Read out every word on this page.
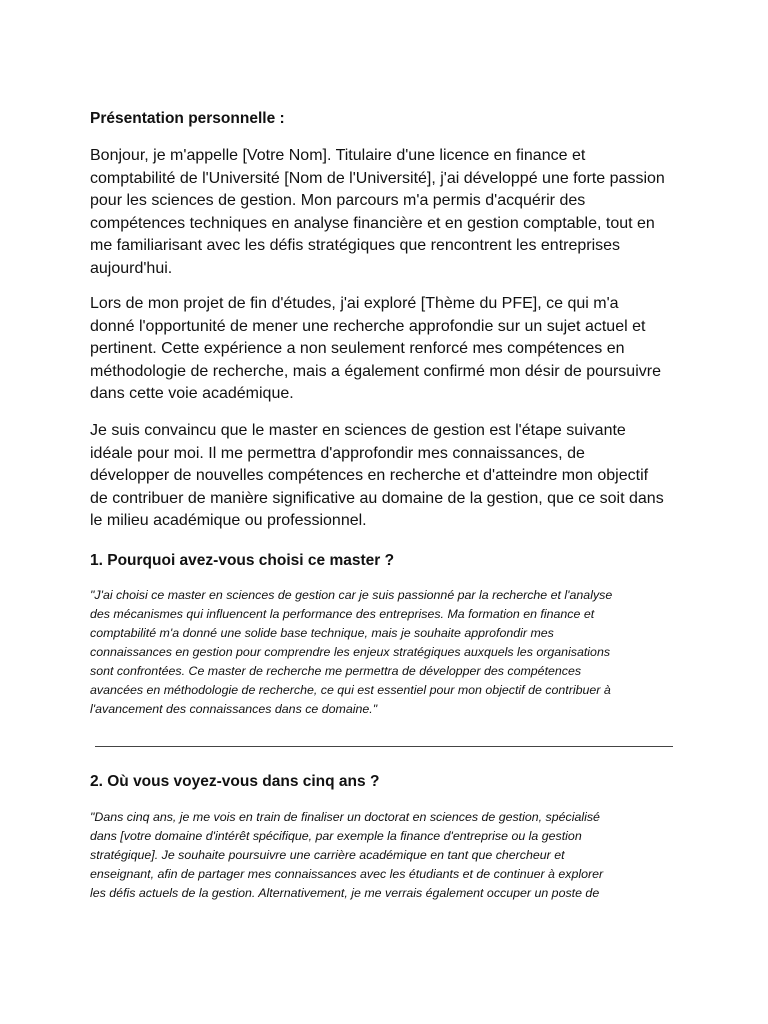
Présentation personnelle :

Bonjour, je m'appelle [Votre Nom]. Titulaire d'une licence en finance et
comptabilité de l'Université [Nom de l'Université], j'ai développé une forte passion
pour les sciences de gestion. Mon parcours m'a permis d'acquérir des
compétences techniques en analyse financière et en gestion comptable, tout en
me familiarisant avec les défis stratégiques que rencontrent les entreprises
aujourd'hui.

Lors de mon projet de fin d'études, j'ai exploré [Thème du PFE], ce qui m'a
donné l'opportunité de mener une recherche approfondie sur un sujet actuel et
pertinent. Cette expérience a non seulement renforcé mes compétences en
méthodologie de recherche, mais a également confirmé mon désir de poursuivre
dans cette voie académique.

Je suis convaincu que le master en sciences de gestion est l'étape suivante
idéale pour moi. Il me permettra d'approfondir mes connaissances, de
développer de nouvelles compétences en recherche et d'atteindre mon objectif
de contribuer de manière significative au domaine de la gestion, que ce soit dans
le milieu académique ou professionnel.

1. Pourquoi avez-vous choisi ce master ?

"J'ai choisi ce master en sciences de gestion car je suis passionné par la recherche et l'analyse
des mécanismes qui influencent la performance des entreprises. Ma formation en finance et
comptabilité m'a donné une solide base technique, mais je souhaite approfondir mes
connaissances en gestion pour comprendre les enjeux stratégiques auxquels les organisations
sont confrontées. Ce master de recherche me permettra de développer des compétences
avancées en méthodologie de recherche, ce qui est essentiel pour mon objectif de contribuer à
l'avancement des connaissances dans ce domaine."

2. Où vous voyez-vous dans cinq ans ?

"Dans cinq ans, je me vois en train de finaliser un doctorat en sciences de gestion, spécialisé
dans [votre domaine d'intérêt spécifique, par exemple la finance d'entreprise ou la gestion
stratégique]. Je souhaite poursuivre une carrière académique en tant que chercheur et
enseignant, afin de partager mes connaissances avec les étudiants et de continuer à explorer
les défis actuels de la gestion. Alternativement, je me verrais également occuper un poste de
